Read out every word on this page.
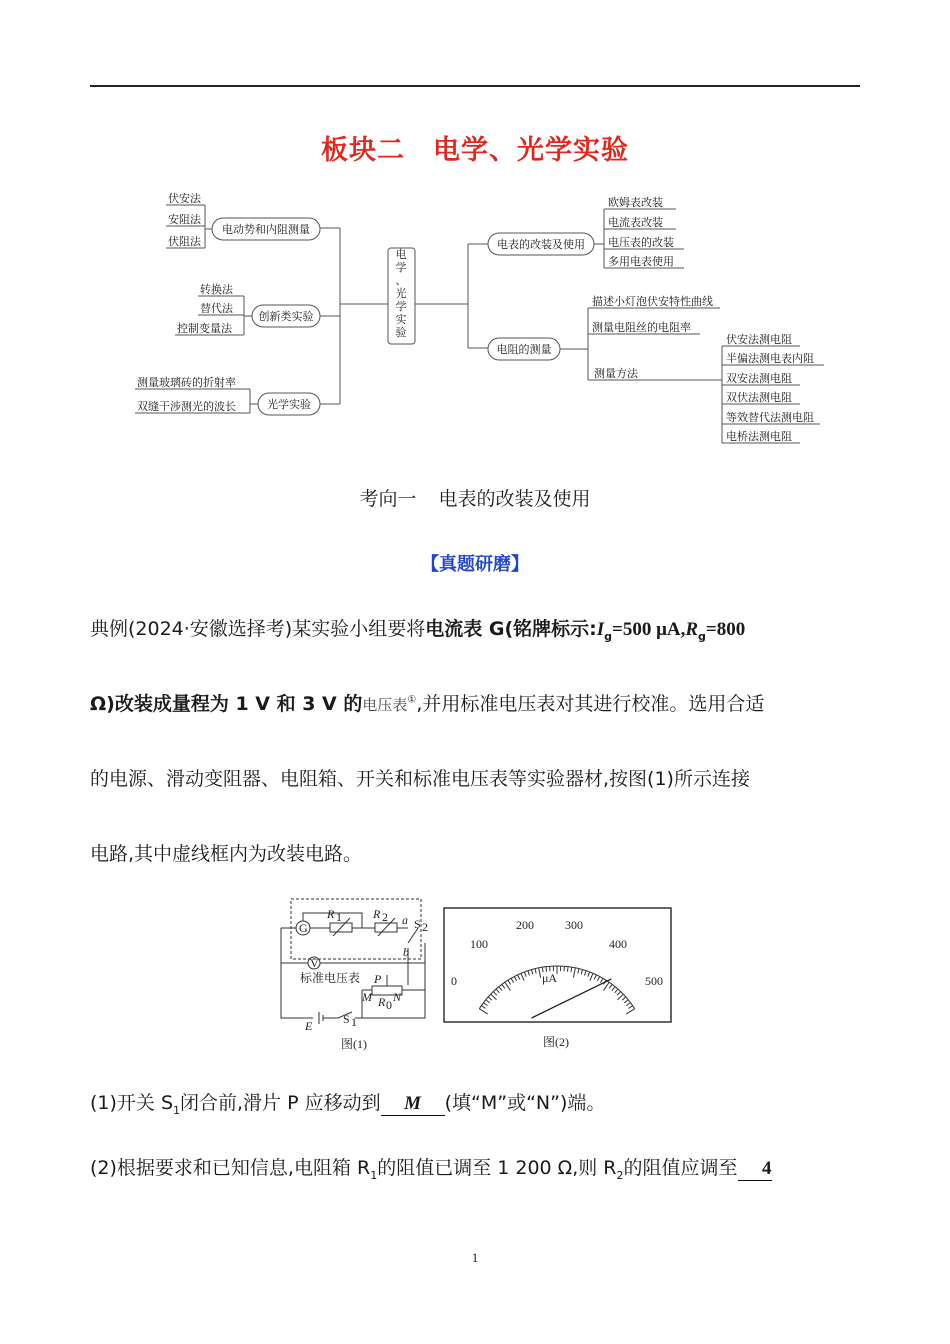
板块二　电学、光学实验
电学、光学实验
电动势和内阻测量
创新类实验
光学实验
伏安法
安阻法
伏阻法
转换法
替代法
控制变量法
测量玻璃砖的折射率
双缝干涉测光的波长
电表的改装及使用
电阻的测量
欧姆表改装
电流表改装
电压表的改装
多用电表使用
描述小灯泡伏安特性曲线
测量电阻丝的电阻率
测量方法
伏安法测电阻
半偏法测电表内阻
双安法测电阻
双伏法测电阻
等效替代法测电阻
电桥法测电阻
考向一 电表的改装及使用
【真题研磨】
典例(2024·安徽选择考)某实验小组要将电流表 G(铭牌标示$:I_g=500$ $\mu A,R_g=800$
Ω)改装成量程为 1 V 和 3 V 的电压表①,并用标准电压表对其进行校准。选用合适
的电源、滑动变阻器、电阻箱、开关和标准电压表等实验器材,按图(1)所示连接
电路,其中虚线框内为改装电路。
G
R 1	R 2 a
b
S 2
V
标准电压表 P
M N
R 0
E	S 1
图(1)
0
100
200	300
400
500
μA
图(2)
(1)开关 $S_1$闭合前,滑片 P 应移动到 M (填“M”或“N”)端。
(2)根据要求和已知信息,电阻箱 $R_1$的阻值已调至 1 200 Ω,则 $R_2$的阻值应调至 4
1
